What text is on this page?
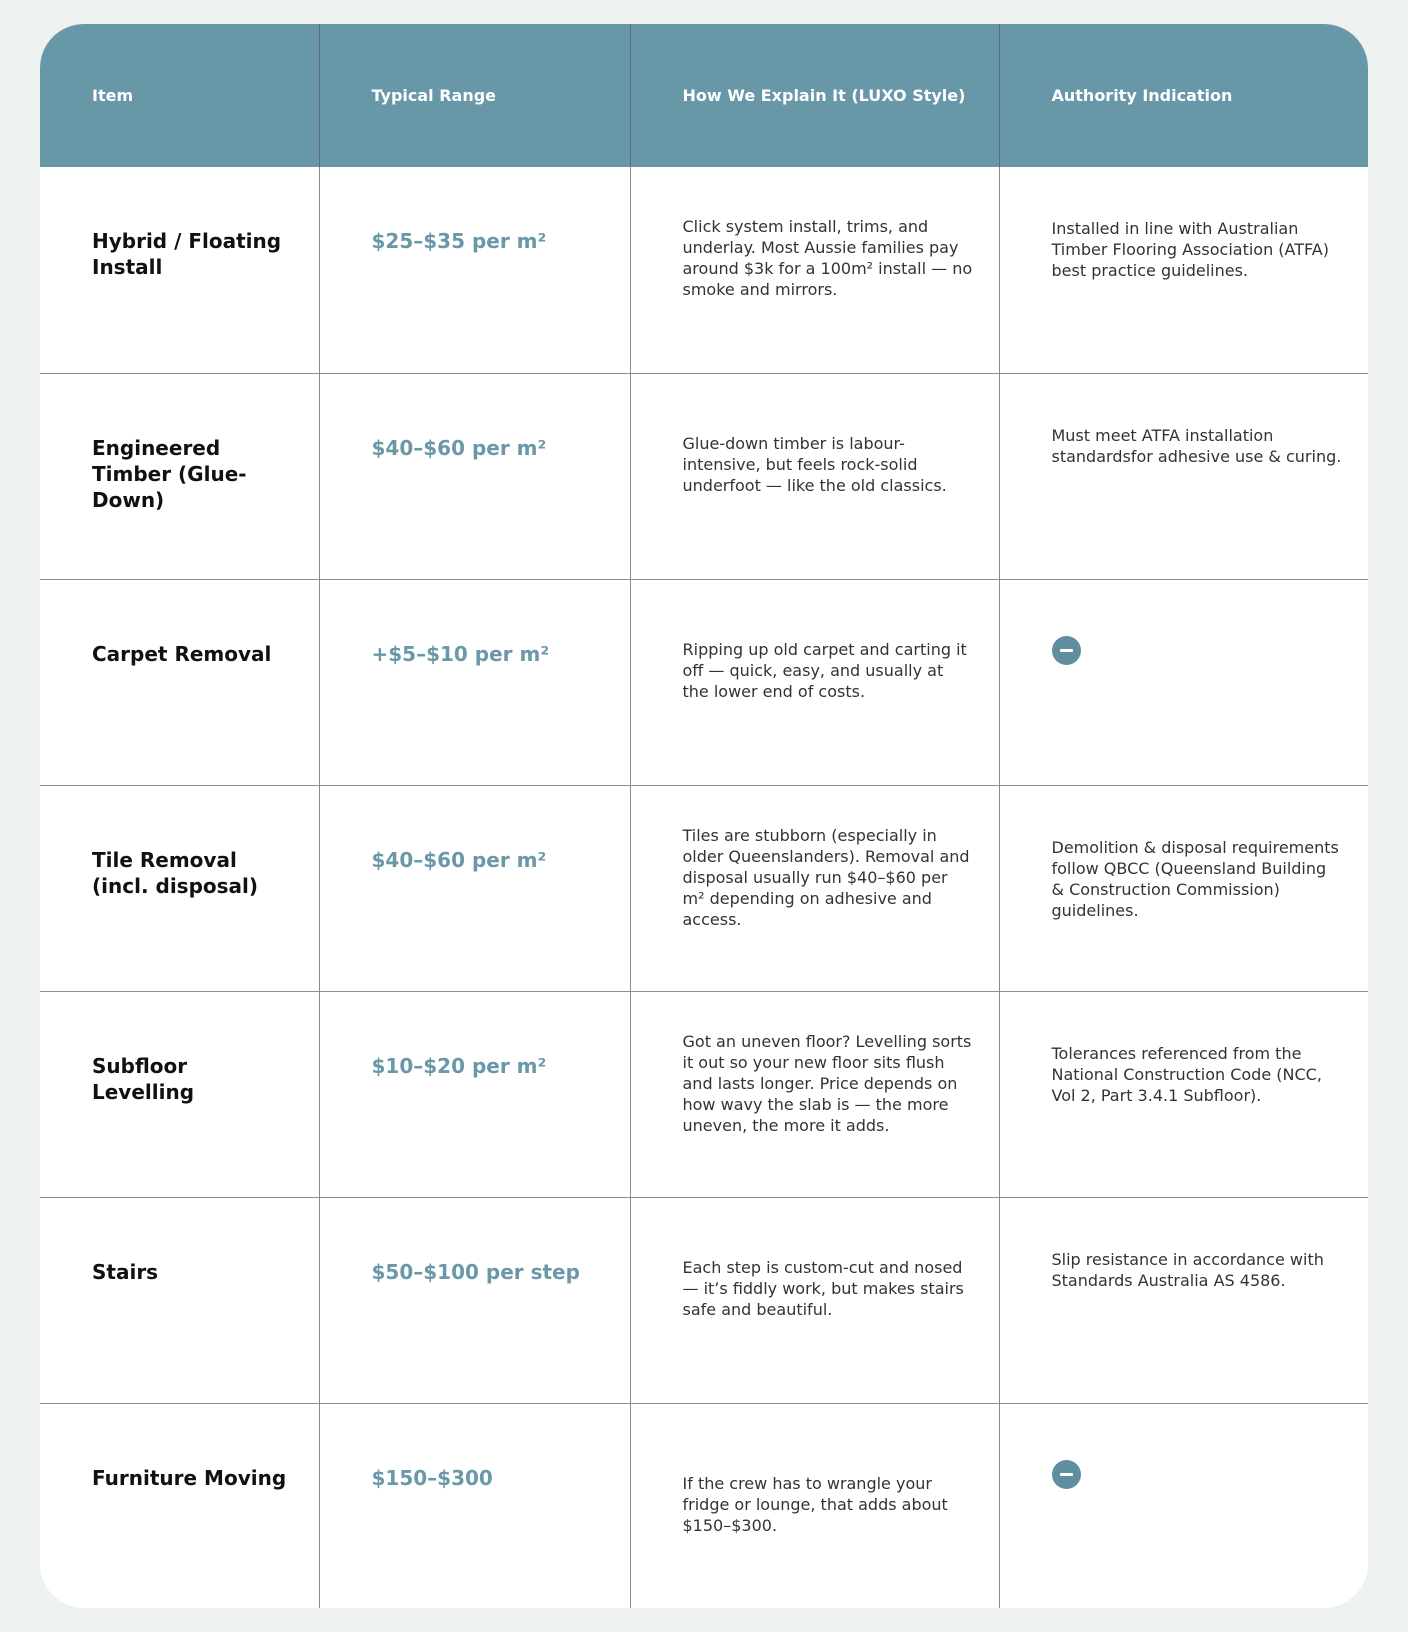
Item	Typical Range	How We Explain It (LUXO Style)	Authority Indication
Hybrid / Floating Install	$25–$35 per m²	Click system install, trims, and underlay. Most Aussie families pay around $3k for a 100m² install — no smoke and mirrors.	Installed in line with Australian Timber Flooring Association (ATFA) best practice guidelines.
Engineered Timber (Glue-Down)	$40–$60 per m²	Glue-down timber is labour-intensive, but feels rock-solid underfoot — like the old classics.	Must meet ATFA installation standardsfor adhesive use & curing.
Carpet Removal	+$5–$10 per m²	Ripping up old carpet and carting it off — quick, easy, and usually at the lower end of costs.	
Tile Removal (incl. disposal)	$40–$60 per m²	Tiles are stubborn (especially in older Queenslanders). Removal and disposal usually run $40–$60 per m² depending on adhesive and access.	Demolition & disposal requirements follow QBCC (Queensland Building & Construction Commission) guidelines.
Subfloor Levelling	$10–$20 per m²	Got an uneven floor? Levelling sorts it out so your new floor sits flush and lasts longer. Price depends on how wavy the slab is — the more uneven, the more it adds.	Tolerances referenced from the National Construction Code (NCC, Vol 2, Part 3.4.1 Subfloor).
Stairs	$50–$100 per step	Each step is custom-cut and nosed — it’s fiddly work, but makes stairs safe and beautiful.	Slip resistance in accordance with Standards Australia AS 4586.
Furniture Moving	$150–$300	If the crew has to wrangle your fridge or lounge, that adds about $150–$300.	
